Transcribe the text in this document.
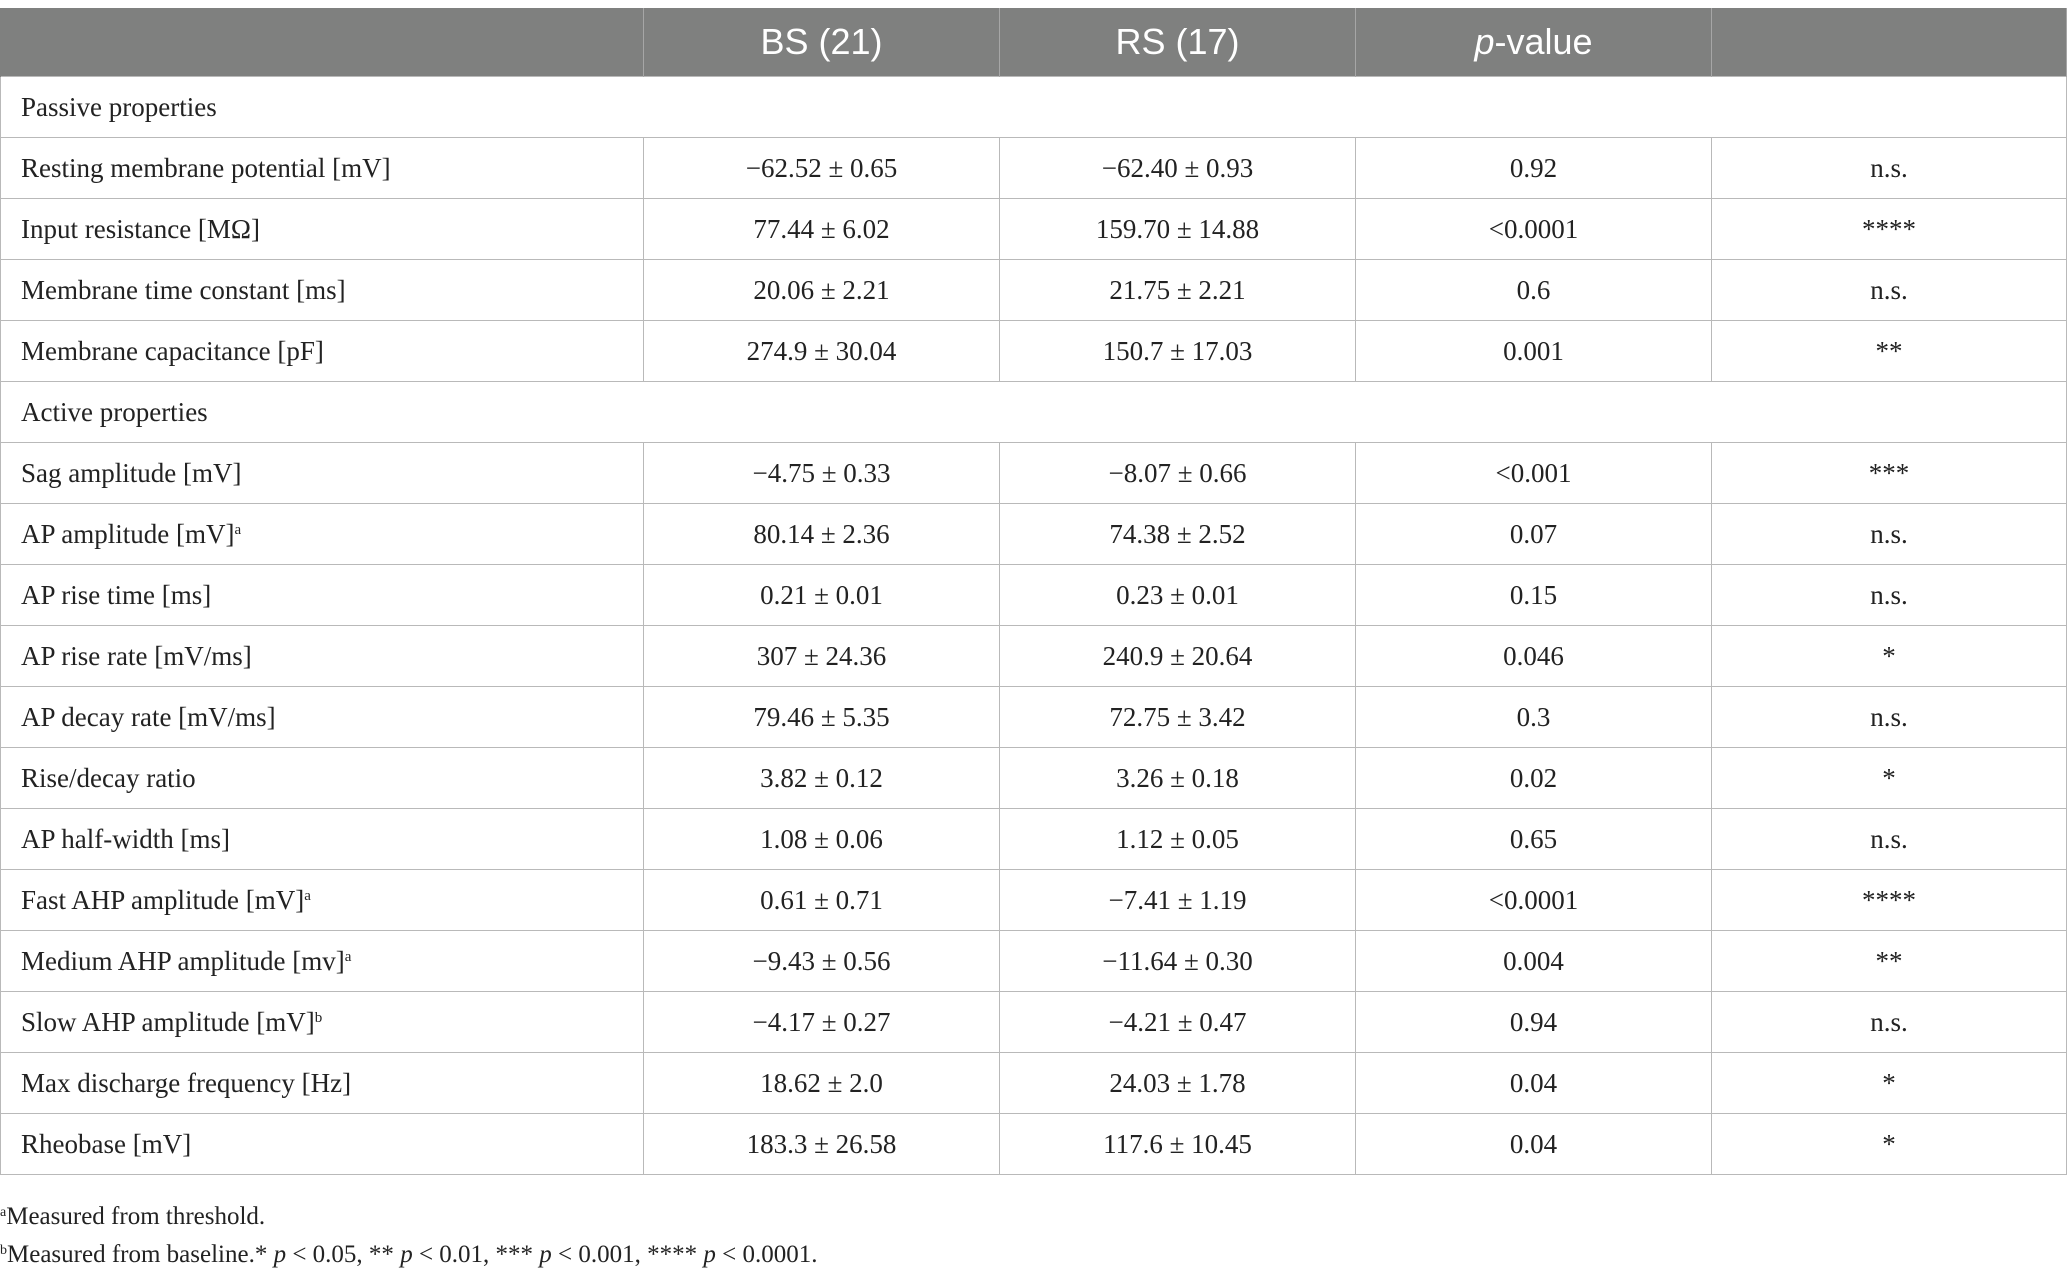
	BS (21)	RS (17)	p-value	
Passive properties				
Resting membrane potential [mV]	−62.52 ± 0.65	−62.40 ± 0.93	0.92	n.s.
Input resistance [MΩ]	77.44 ± 6.02	159.70 ± 14.88	<0.0001	****
Membrane time constant [ms]	20.06 ± 2.21	21.75 ± 2.21	0.6	n.s.
Membrane capacitance [pF]	274.9 ± 30.04	150.7 ± 17.03	0.001	**
Active properties				
Sag amplitude [mV]	−4.75 ± 0.33	−8.07 ± 0.66	<0.001	***
AP amplitude [mV]$^a$	80.14 ± 2.36	74.38 ± 2.52	0.07	n.s.
AP rise time [ms]	0.21 ± 0.01	0.23 ± 0.01	0.15	n.s.
AP rise rate [mV/ms]	307 ± 24.36	240.9 ± 20.64	0.046	*
AP decay rate [mV/ms]	79.46 ± 5.35	72.75 ± 3.42	0.3	n.s.
Rise/decay ratio	3.82 ± 0.12	3.26 ± 0.18	0.02	*
AP half-width [ms]	1.08 ± 0.06	1.12 ± 0.05	0.65	n.s.
Fast AHP amplitude [mV]$^a$	0.61 ± 0.71	−7.41 ± 1.19	<0.0001	****
Medium AHP amplitude [mv]$^a$	−9.43 ± 0.56	−11.64 ± 0.30	0.004	**
Slow AHP amplitude [mV]$^b$	−4.17 ± 0.27	−4.21 ± 0.47	0.94	n.s.
Max discharge frequency [Hz]	18.62 ± 2.0	24.03 ± 1.78	0.04	*
Rheobase [mV]	183.3 ± 26.58	117.6 ± 10.45	0.04	*
$^a$Measured from threshold.
$^b$Measured from baseline.* p < 0.05, ** p < 0.01, *** p < 0.001, **** p < 0.0001.
